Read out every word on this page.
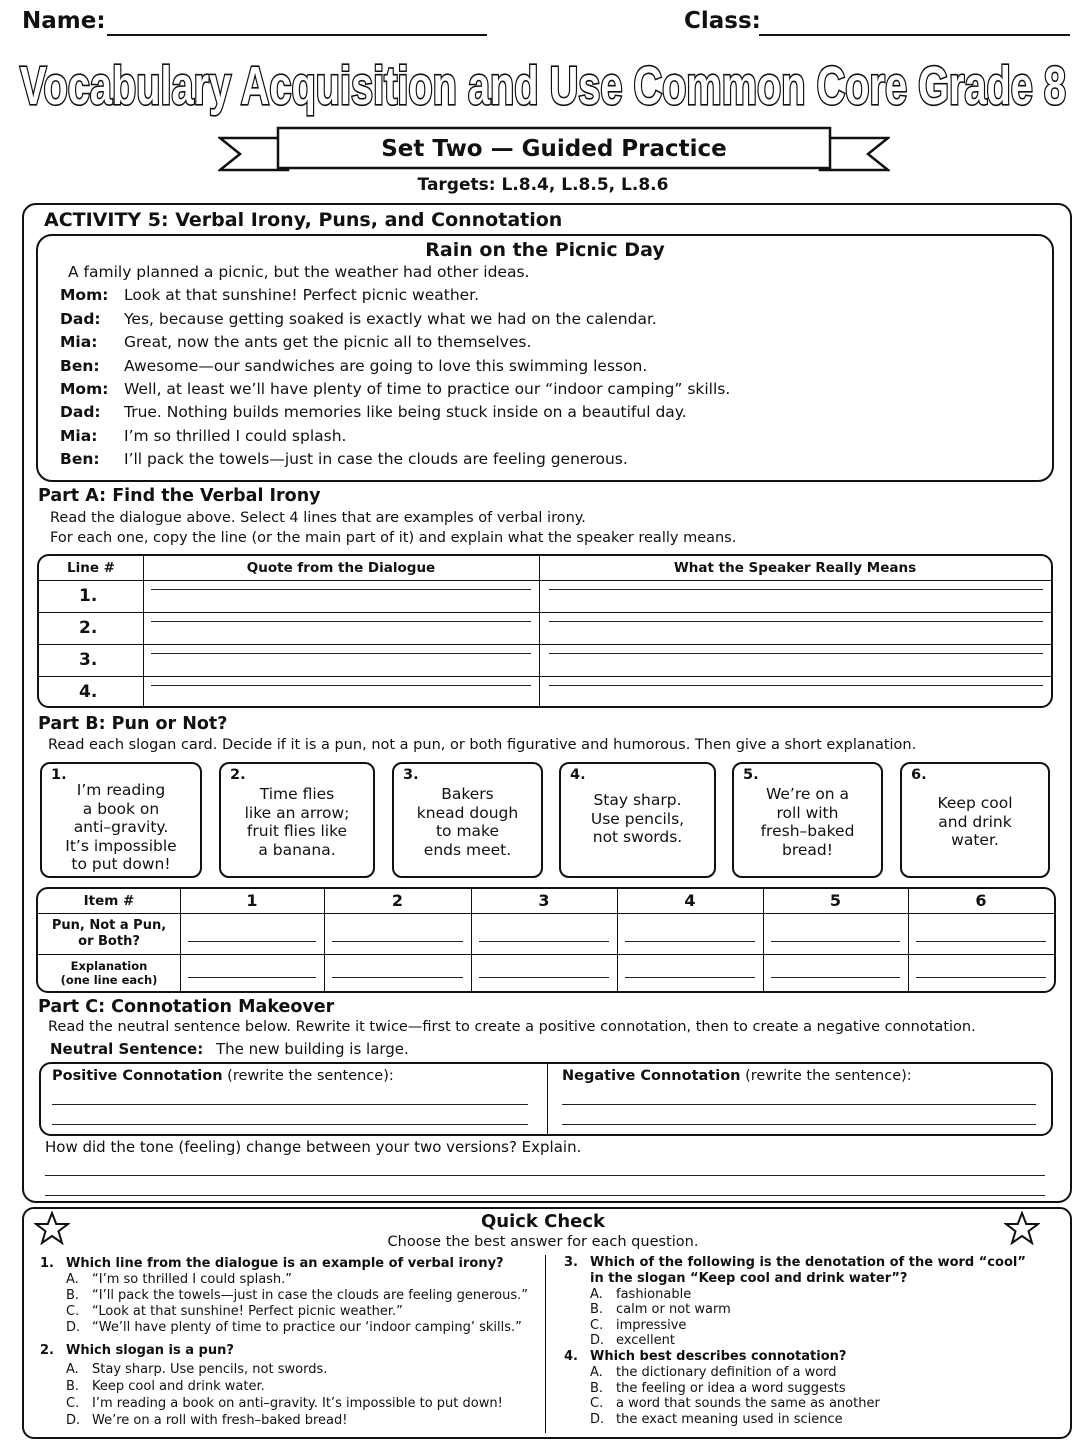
Name:	Class:
Vocabulary Acquisition and Use Common Core Grade 8
Set Two — Guided Practice
Targets: L.8.4, L.8.5, L.8.6
ACTIVITY 5: Verbal Irony, Puns, and Connotation
Rain on the Picnic Day
A family planned a picnic, but the weather had other ideas.
Mom:	Look at that sunshine! Perfect picnic weather.
Dad:	Yes, because getting soaked is exactly what we had on the calendar.
Mia:	Great, now the ants get the picnic all to themselves.
Ben:	Awesome—our sandwiches are going to love this swimming lesson.
Mom:	Well, at least we’ll have plenty of time to practice our “indoor camping” skills.
Dad:	True. Nothing builds memories like being stuck inside on a beautiful day.
Mia:	I’m so thrilled I could splash.
Ben:	I’ll pack the towels—just in case the clouds are feeling generous.
Part A: Find the Verbal Irony
Read the dialogue above. Select 4 lines that are examples of verbal irony.
For each one, copy the line (or the main part of it) and explain what the speaker really means.
Line #	Quote from the Dialogue	What the Speaker Really Means
1.
2.
3.
4.
Part B: Pun or Not?
Read each slogan card. Decide if it is a pun, not a pun, or both figurative and humorous. Then give a short explanation.
1.
I’m reading
a book on
anti–gravity.
It’s impossible
to put down!
2.
Time flies
like an arrow;
fruit flies like
a banana.
3.
Bakers
knead dough
to make
ends meet.
4.
Stay sharp.
Use pencils,
not swords.
5.
We’re on a
roll with
fresh–baked
bread!
6.
Keep cool
and drink
water.
Item #	1	2	3	4	5	6
Pun, Not a Pun,
or Both?
Explanation
(one line each)
Part C: Connotation Makeover
Read the neutral sentence below. Rewrite it twice—first to create a positive connotation, then to create a negative connotation.
Neutral Sentence: The new building is large.
Positive Connotation (rewrite the sentence):	Negative Connotation (rewrite the sentence):
How did the tone (feeling) change between your two versions? Explain.
Quick Check
Choose the best answer for each question.
1. Which line from the dialogue is an example of verbal irony?
A. “I’m so thrilled I could splash.”
B. “I’ll pack the towels—just in case the clouds are feeling generous.”
C. “Look at that sunshine! Perfect picnic weather.”
D. “We’ll have plenty of time to practice our ‘indoor camping’ skills.”
2. Which slogan is a pun?
A. Stay sharp. Use pencils, not swords.
B. Keep cool and drink water.
C. I’m reading a book on anti–gravity. It’s impossible to put down!
D. We’re on a roll with fresh–baked bread!
3. Which of the following is the denotation of the word “cool”
in the slogan “Keep cool and drink water”?
A. fashionable
B. calm or not warm
C. impressive
D. excellent
4. Which best describes connotation?
A. the dictionary definition of a word
B. the feeling or idea a word suggests
C. a word that sounds the same as another
D. the exact meaning used in science
